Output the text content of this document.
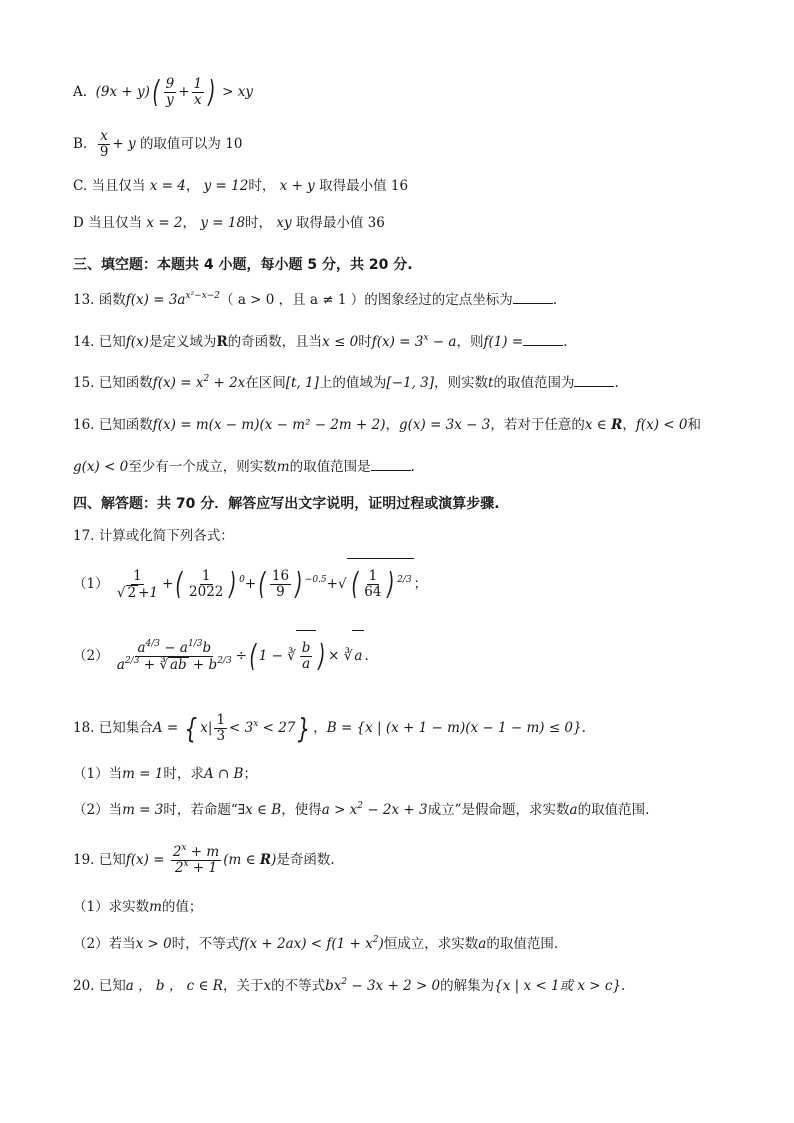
A.  $(9x + y)( \frac{9}{y} + \frac{1}{x}$ ) > xy
B. $\frac{x}{9} + y$ 的取值可以为 10
C. 当且仅当 x = 4， y = 12时， x + y 取得最小值 16
D 当且仅当 x = 2， y = 18时， xy 取得最小值 36
三、填空题：本题共 4 小题，每小题 5 分，共 20 分.
13. 函数$f(x) = 3a^{x^2-x-2}$（ a > 0 ，且 a ≠ 1 ）的图象经过的定点坐标为	.
14. 已知f(x)是定义域为R的奇函数，且当x ≤ 0时$f(x) = 3^x - a$，则f(1) =	.
15. 已知函数$f(x) = x^2 + 2x$在区间[t, 1]上的值域为[−1, 3]，则实数t的取值范围为	.
16. 已知函数f(x) = m(x − m)(x − m² − 2m + 2)，g(x) = 3x − 3，若对于任意的x ∈ R，f(x) < 0和
g(x) < 0至少有一个成立，则实数m的取值范围是	.
四、解答题：共 70 分．解答应写出文字说明，证明过程或演算步骤.
17. 计算或化简下列各式：
$(1) \frac{1}{√ 2 +1}$ +( $\frac{1}{2022}$ ) $^0+( \frac{16}{9}$ ) $^{-0.5}$+√ ( $\frac{1}{64}$ ) $^{2/3}$ ；
$(2) \frac{a^{4/3} - a^{1/3}b}{a^{2/3} + ∛ ab + b^{2/3}}$ ÷( 1 − ∛ $\frac{b}{a}$ ) × ∛ a .
18. 已知集合A = { $x| \frac{1}{3} < 3^x < 27$} ，B = {x | (x + 1 − m)(x − 1 − m) ≤ 0}.
（1）当m = 1时，求A ∩ B；
（2）当m = 3时，若命题“∃x ∈ B，使得$a > x^2 - 2x + 3$成立”是假命题，求实数a的取值范围.
19. 已知$f(x) = \frac{2^x + m}{2^x + 1} (m$ ∈ R)是奇函数.
（1）求实数m的值；
（2）若当x > 0时，不等式$f(x + 2ax) < f(1 + x^2)$恒成立，求实数a的取值范围.
20. 已知a ， b ， c ∈ R，关于x的不等式$bx^2 - 3x + 2 > 0$的解集为{x | x < 1或 x > c}.
